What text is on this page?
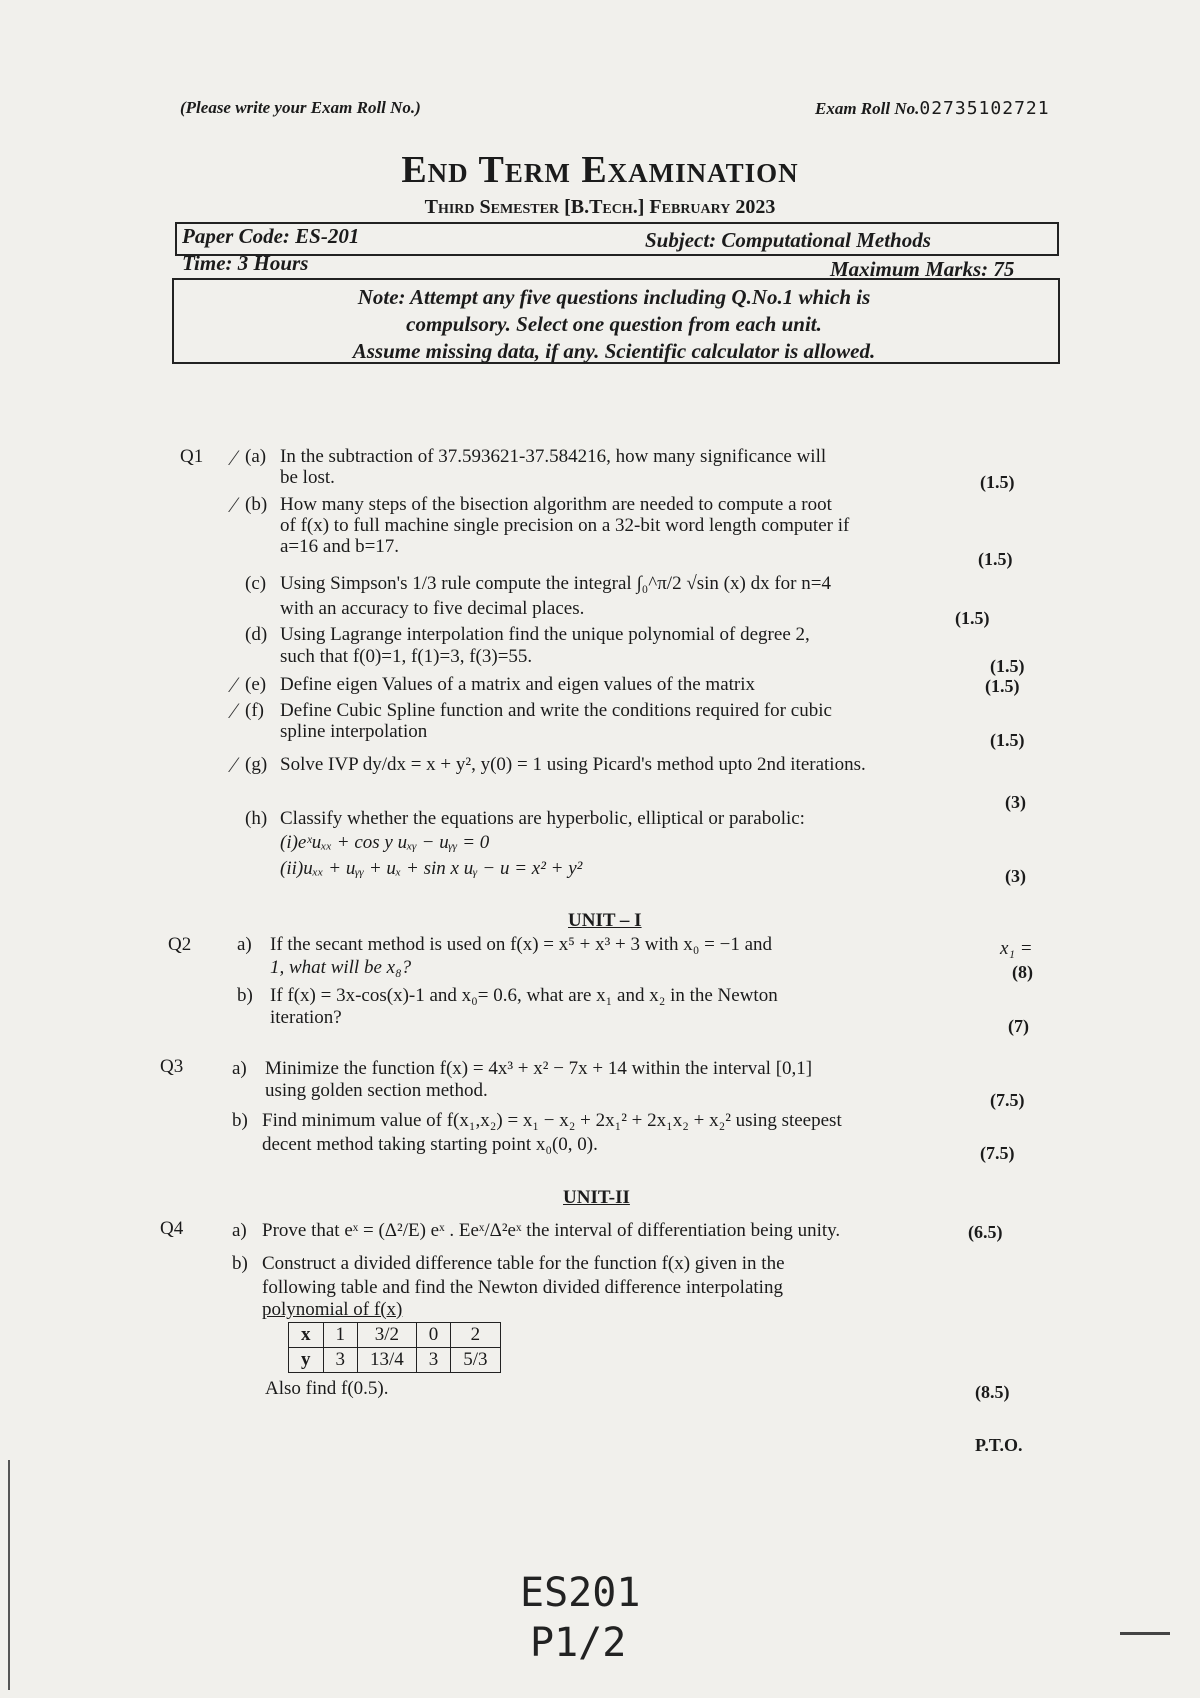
(Please write your Exam Roll No.)	Exam Roll No.02735102721
End Term Examination
Third Semester [B.Tech.] February 2023
Paper Code: ES-201	Subject: Computational Methods
Time: 3 Hours	Maximum Marks: 75
Note: Attempt any five questions including Q.No.1 which is
compulsory. Select one question from each unit.
Assume missing data, if any. Scientific calculator is allowed.
Q1 (a) In the subtraction of 37.593621-37.584216, how many significance will
be lost.	(1.5)
(b) How many steps of the bisection algorithm are needed to compute a root
of f(x) to full machine single precision on a 32-bit word length computer if
a=16 and b=17.
(1.5)
(c) Using Simpson's 1/3 rule compute the integral ∫₀^π/2 √sin (x) dx for n=4
with an accuracy to five decimal places.	(1.5)
(d) Using Lagrange interpolation find the unique polynomial of degree 2,
such that f(0)=1, f(1)=3, f(3)=55.	(1.5)
(e) Define eigen Values of a matrix and eigen values of the matrix	(1.5)
(f) Define Cubic Spline function and write the conditions required for cubic
spline interpolation	(1.5)
(g) Solve IVP dy/dx = x + y², y(0) = 1 using Picard's method upto 2nd iterations.
(3)
(h) Classify whether the equations are hyperbolic, elliptical or parabolic:
(i)eˣuₓₓ + cos y uₓᵧ − uᵧᵧ = 0
(ii)uₓₓ + uᵧᵧ + uₓ + sin x uᵧ − u = x² + y²	(3)
⁄
⁄
⁄
⁄
⁄
UNIT – I
Q2 a) If the secant method is used on f(x) = x⁵ + x³ + 3 with x₀ = −1 and	x₁ =
1, what will be x₈?	(8)
b) If f(x) = 3x-cos(x)-1 and x₀= 0.6, what are x₁ and x₂ in the Newton
iteration?	(7)
Q3	a) Minimize the function f(x) = 4x³ + x² − 7x + 14 within the interval [0,1]
using golden section method.	(7.5)
b) Find minimum value of f(x₁,x₂) = x₁ − x₂ + 2x₁² + 2x₁x₂ + x₂² using steepest
decent method taking starting point x₀(0, 0).	(7.5)
UNIT-II
Q4	a) Prove that eˣ = (Δ²/E) eˣ . Eeˣ/Δ²eˣ the interval of differentiation being unity.	(6.5)
b) Construct a divided difference table for the function f(x) given in the
following table and find the Newton divided difference interpolating
polynomial of f(x)
x	1	3/2	0	2
y	3	13/4	3	5/3
Also find f(0.5).	(8.5)
P.T.O.
ES201
P1/2
